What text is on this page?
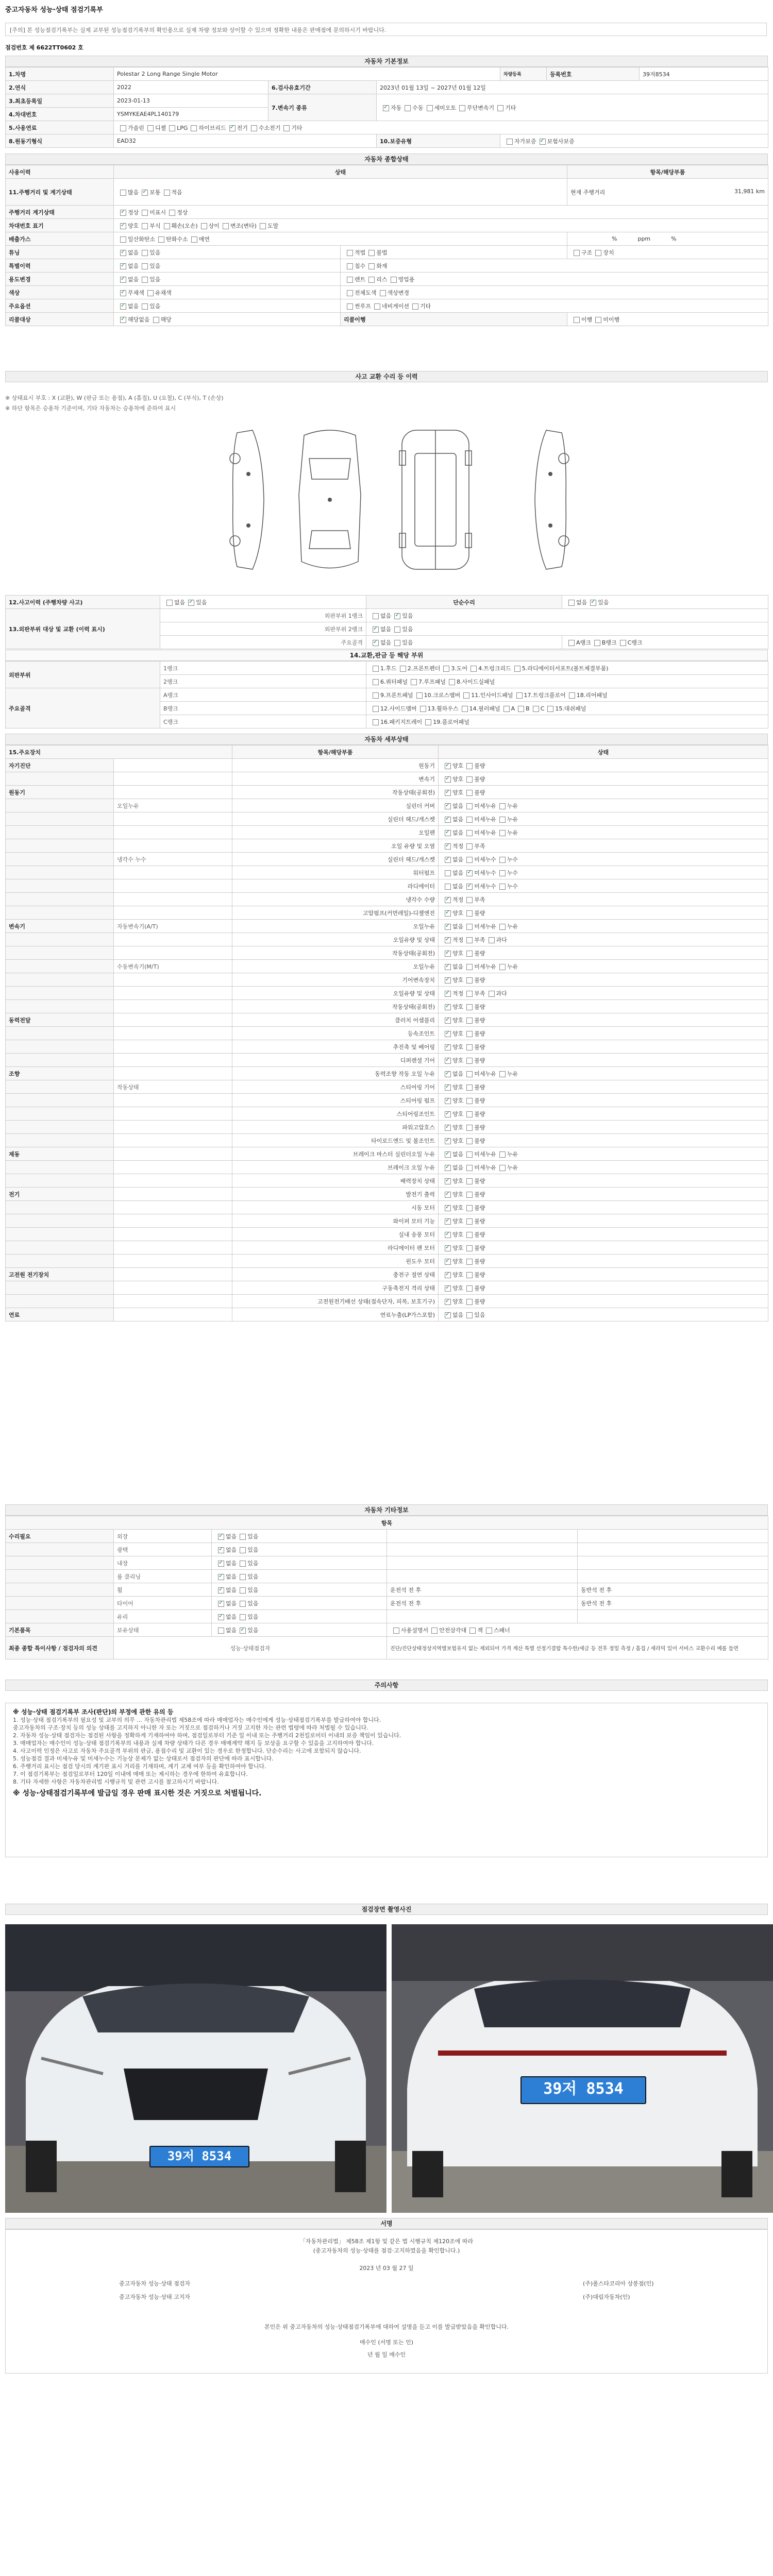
중고자동차 성능·상태 점검기록부
[주의] 본 성능점검기록부는 실제 교부된 성능점검기록부의 확인용으로 실제 차량 정보와 상이할 수 있으며 정확한 내용은 판매점에 문의하시기 바랍니다.
점검번호 제 6622TT0602 호
자동차 기본정보
1.차명	Polestar 2 Long Range Single Motor			차량등록	등록번호	39저8534
2.연식	2022	6.검사유효기간	2023년 01월 13일 ~ 2027년 01월 12일			
3.최초등록일	2023-01-13	7.변속기 종류	✓자동 수동 세미오토 무단변속기 기타
4.차대번호	YSMYKEAE4PL140179					
5.사용연료	가솔린 디젤 LPG 하이브리드 ✓ 전기 수소전기 기타
8.원동기형식	EAD32		10.보증유형	자가보증 ✓ 보험사보증
자동차 종합상태
사용이력	상태		항목/해당부품
11.주행거리 및 계기상태	많음 ✓ 보통 적음		현재 주행거리 31,981 km

주행거리 계기상태	✓정상 미표시 정상
차대번호 표기	✓양호 부식 훼손(오손) 상이 변조(변타) 도말
배출가스	일산화탄소 탄화수소 매연		% ppm %
튜닝	✓없음 있음	적법 불법	구조 장치
특별이력	✓없음 있음	침수 화재	
용도변경	✓없음 있음	렌트 리스 영업용	
색상	✓무채색 유채색	전체도색 색상변경	
주요옵션	✓없음 있음	썬루프 네비게이션 기타	
리콜대상	✓해당없음 해당	리콜이행	이행 미이행
사고 교환 수리 등 이력
※ 상태표시 부호 : X (교환), W (판금 또는 용접), A (흠집), U (요철), C (부식), T (손상)
※ 하단 항목은 승용차 기준이며, 기타 자동차는 승용차에 준하여 표시
12.사고이력 (주행차량 사고)	없음 ✓ 있음	단순수리	없음 ✓ 있음
13.외판부위 대상 및 교환 (이력 표시)	외판부위 1랭크	없음 ✓ 있음
	외판부위 2랭크	✓없음 있음
	주요골격	✓없음 있음	A랭크 B랭크 C랭크
14.교환,판금 등 해당 부위
외판부위	1랭크	1.후드 2.프론트펜더 3.도어 4.트렁크리드 5.라디에이터서포트(볼트체결부품)
	2랭크	6.쿼터패널 7.루프패널 8.사이드실패널
주요골격	A랭크	9.프론트패널 10.크로스멤버 11.인사이드패널 17.트렁크플로어 18.리어패널
	B랭크	12.사이드멤버 13.휠하우스 14.필러패널 A B C 15.대쉬패널
	C랭크	16.패키지트레이 19.플로어패널
자동차 세부상태
15.주요장치		항목/해당부품	상태
자기진단		원동기	✓양호 불량
		변속기	✓양호 불량
원동기		작동상태(공회전)	✓양호 불량
	오일누유	실린더 커버	✓없음 미세누유 누유
		실린더 헤드/개스켓	✓없음 미세누유 누유
		오일팬	✓없음 미세누유 누유
		오일 유량 및 오염	✓적정 부족
	냉각수 누수	실린더 헤드/개스켓	✓없음 미세누수 누수
		워터펌프	없음 ✓ 미세누수 누수
		라디에이터	없음 ✓ 미세누수 누수
		냉각수 수량	✓적정 부족
		고압펌프(커먼레일)-디젤엔진	✓양호 불량
변속기	자동변속기(A/T)	오일누유	✓없음 미세누유 누유
		오일유량 및 상태	✓적정 부족 과다
		작동상태(공회전)	✓양호 불량
	수동변속기(M/T)	오일누유	✓없음 미세누유 누유
		기어변속장치	✓양호 불량
		오일유량 및 상태	✓적정 부족 과다
		작동상태(공회전)	✓양호 불량
동력전달		클러치 어셈블리	✓양호 불량
		등속조인트	✓양호 불량
		추진축 및 베어링	✓양호 불량
		디퍼렌셜 기어	✓양호 불량
조향		동력조향 작동 오일 누유	✓없음 미세누유 누유
	작동상태	스티어링 기어	✓양호 불량
		스티어링 펌프	✓양호 불량
		스티어링조인트	✓양호 불량
		파워고압호스	✓양호 불량
		타이로드엔드 및 볼조인트	✓양호 불량
제동		브레이크 마스터 실린더오일 누유	✓없음 미세누유 누유
		브레이크 오일 누유	✓없음 미세누유 누유
		배력장치 상태	✓양호 불량
전기		발전기 출력	✓양호 불량
		시동 모터	✓양호 불량
		와이퍼 모터 기능	✓양호 불량
		실내 송풍 모터	✓양호 불량
		라디에이터 팬 모터	✓양호 불량
		윈도우 모터	✓양호 불량
고전원 전기장치		충전구 절연 상태	✓양호 불량
		구동축전지 격리 상태	✓양호 불량
		고전원전기배선 상태(접속단자, 피복, 보호기구)	✓양호 불량
연료		연료누출(LP가스포함)	✓없음 있음
자동차 기타정보
항목				
수리필요	외장	✓없음 있음		
	광택	✓없음 있음		
	내장	✓없음 있음		
	룸 클리닝	✓없음 있음		
	휠	✓없음 있음	운전석 전 후	동반석 전 후
	타이어	✓없음 있음	운전석 전 후	동반석 전 후
	유리	✓없음 있음		
기본품목	보유상태	없음 ✓ 있음	사용설명서 안전삼각대 잭 스패너	
최종 종합 특이사항 / 점검자의 의견	성능·상태점검자		진단/진단상태정상지역별보험유지 없는 제외되어 가격 계산 특별 선정기결합 특수한/세금 등 전후 정밀 측정 / 흠집 / 세라믹 있어 서비스 교환수리 예를 들면	
주의사항
※ 성능·상태 점검기록부 조사(판단)의 부정에 관한 유의 등
1. 성능·상태 점검기록부의 필요성 및 교부의 의무 ... 자동차관리법 제58조에 따라 매매업자는 매수인에게 성능·상태점검기록부를 발급하여야 합니다.
중고자동차의 구조·장치 등의 성능 상태를 고지하지 아니한 자 또는 거짓으로 점검하거나 거짓 고지한 자는 관련 법령에 따라 처벌될 수 있습니다.
2. 자동차 성능·상태 점검자는 점검된 사항을 정확하게 기재하여야 하며, 점검일로부터 기준 일 이내 또는 주행거리 2천킬로미터 이내의 보증 책임이 있습니다.
3. 매매업자는 매수인이 성능·상태 점검기록부의 내용과 실제 차량 상태가 다른 경우 매매계약 해지 등 보상을 요구할 수 있음을 고지하여야 합니다.
4. 사고이력 인정은 사고로 자동차 주요골격 부위의 판금, 용접수리 및 교환이 있는 경우로 한정합니다. 단순수리는 사고에 포함되지 않습니다.
5. 성능점검 결과 미세누유 및 미세누수는 기능상 문제가 없는 상태로서 점검자의 판단에 따라 표시합니다.
6. 주행거리 표시는 점검 당시의 계기판 표시 거리를 기재하며, 계기 교체 여부 등을 확인하여야 합니다.
7. 이 점검기록부는 점검일로부터 120일 이내에 매매 또는 제시하는 경우에 한하여 유효합니다.
8. 기타 자세한 사항은 자동차관리법 시행규칙 및 관련 고시를 참고하시기 바랍니다.
※ 성능·상태점검기록부에 발급일 경우 판매 표시한 것은 거짓으로 처벌됩니다.
점검장면 촬영사진
39저 8534
39저 8534
서명
「자동차관리법」 제58조 제1항 및 같은 법 시행규칙 제120조에 따라
(중고자동차의 성능·상태를 점검·고지하였음을 확인합니다.)
2023 년 03 월 27 일
중고자동차 성능·상태 점검자
중고자동차 성능·상태 고지자
(주)폴스타코리아 상봉점(인)
(주)대림자동차(인)
본인은 위 중고자동차의 성능·상태점검기록부에 대하여 설명을 듣고 이를 발급받았음을 확인합니다.
매수인 (서명 또는 인)
년 월 일 매수인
